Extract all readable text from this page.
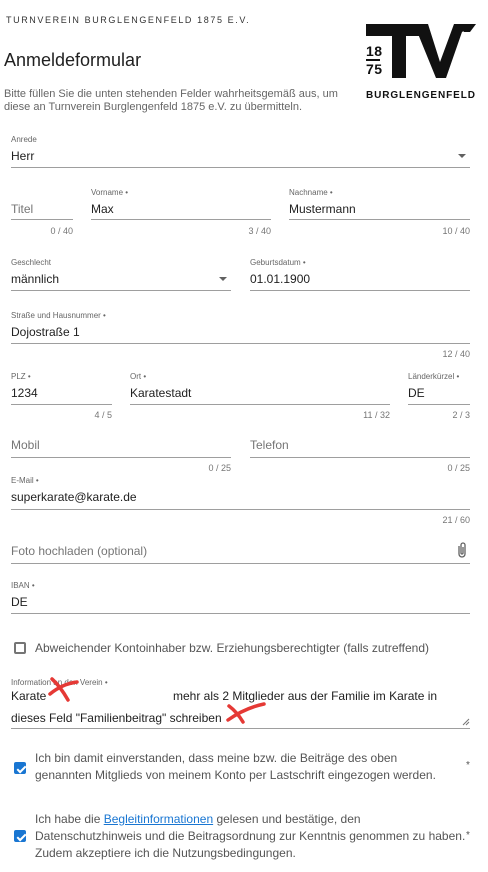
TURNVEREIN BURGLENGENFELD 1875 E.V.
Anmeldeformular
Bitte füllen Sie die unten stehenden Felder wahrheitsgemäß aus, um diese an Turnverein Burglengenfeld 1875 e.V. zu übermitteln.
18
75
BURGLENGENFELD
Anrede
Herr
Titel
0 / 40
Vorname •
Max
3 / 40
Nachname •
Mustermann
10 / 40
Geschlecht
männlich
Geburtsdatum •
01.01.1900
Straße und Hausnummer •
Dojostraße 1
12 / 40
PLZ •
1234
4 / 5
Ort •
Karatestadt
11 / 32
Länderkürzel •
DE
2 / 3
Mobil
0 / 25
Telefon
0 / 25
E-Mail •
superkarate@karate.de
21 / 60
Foto hochladen (optional)
IBAN •
DE
Abweichender Kontoinhaber bzw. Erziehungsberechtigter (falls zutreffend)
Information an den Verein •
Karate	mehr als 2 Mitglieder aus der Familie im Karate in
dieses Feld "Familienbeitrag" schreiben
Ich bin damit einverstanden, dass meine bzw. die Beiträge des oben genannten Mitglieds von meinem Konto per Lastschrift eingezogen werden.
*
Ich habe die Begleitinformationen gelesen und bestätige, den Datenschutzhinweis und die Beitragsordnung zur Kenntnis genommen zu haben. Zudem akzeptiere ich die Nutzungsbedingungen.
*
